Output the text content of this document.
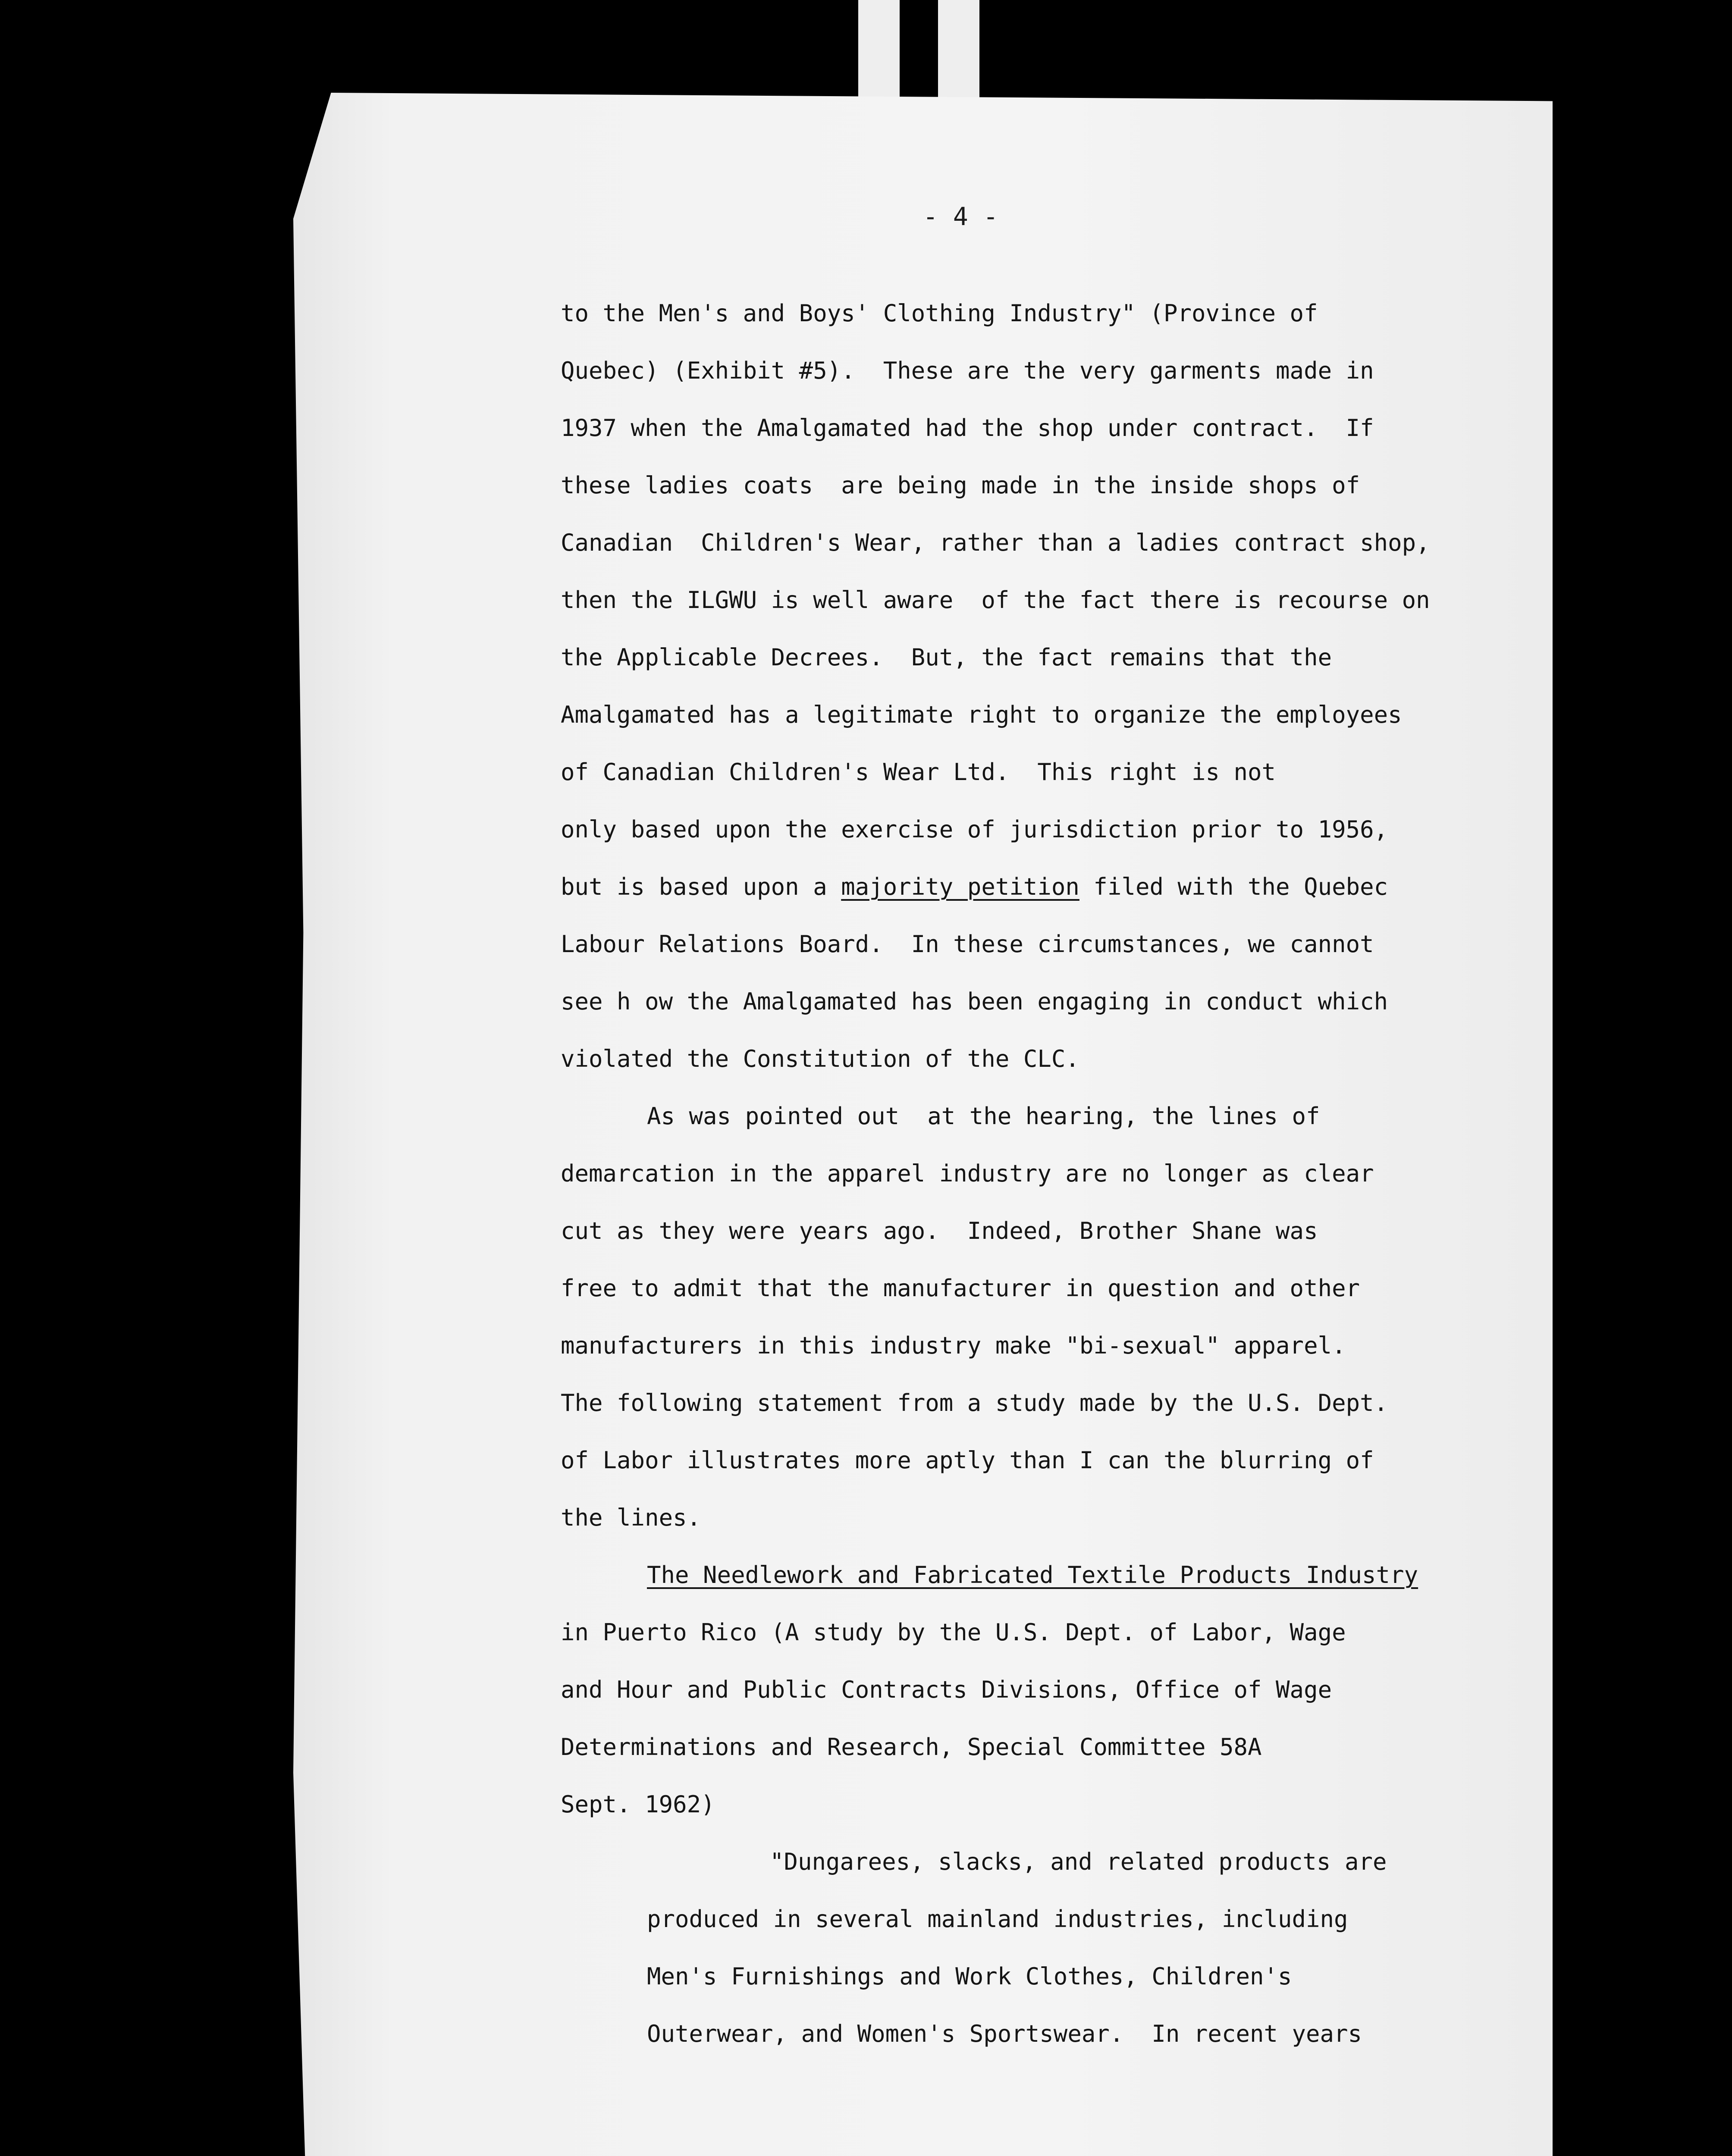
- 4 -
to the Men's and Boys' Clothing Industry" (Province of
Quebec) (Exhibit #5).  These are the very garments made in
1937 when the Amalgamated had the shop under contract.  If
these ladies coats  are being made in the inside shops of
Canadian  Children's Wear, rather than a ladies contract shop,
then the ILGWU is well aware  of the fact there is recourse on
the Applicable Decrees.  But, the fact remains that the
Amalgamated has a legitimate right to organize the employees
of Canadian Children's Wear Ltd.  This right is not
only based upon the exercise of jurisdiction prior to 1956,
but is based upon a majority petition filed with the Quebec
Labour Relations Board.  In these circumstances, we cannot
see h ow the Amalgamated has been engaging in conduct which
violated the Constitution of the CLC.
As was pointed out  at the hearing, the lines of
demarcation in the apparel industry are no longer as clear
cut as they were years ago.  Indeed, Brother Shane was
free to admit that the manufacturer in question and other
manufacturers in this industry make "bi-sexual" apparel.
The following statement from a study made by the U.S. Dept.
of Labor illustrates more aptly than I can the blurring of
the lines.
The Needlework and Fabricated Textile Products Industry
in Puerto Rico (A study by the U.S. Dept. of Labor, Wage
and Hour and Public Contracts Divisions, Office of Wage
Determinations and Research, Special Committee 58A
Sept. 1962)
"Dungarees, slacks, and related products are
produced in several mainland industries, including
Men's Furnishings and Work Clothes, Children's
Outerwear, and Women's Sportswear.  In recent years
